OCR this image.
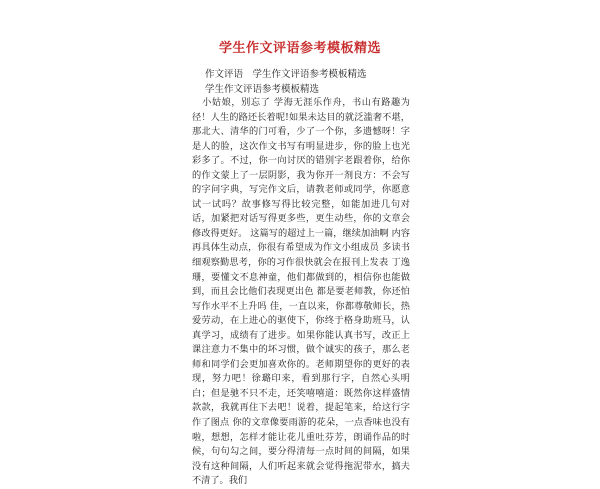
学生作文评语参考模板精选

作文评语　学生作文评语参考模板精选

学生作文评语参考模板精选

小姑娘，别忘了 学海无涯乐作舟，书山有路趣为径！人生的路还长着呢!如果未达目的就泛滥奢不堪，那北大、清华的门可看，少了一个你，多遗憾呀！字是人的脸，这次作文书写有明显进步，你的脸上也光彩多了。不过，你一向讨厌的错别字老跟着你，给你的作文蒙上了一层阴影，我为你开一剂良方：不会写的字问字典，写完作文后，请教老师或同学，你愿意试一试吗？故事修写得比较完整，如能加进几句对话，加紧把对话写得更多些，更生动些，你的文章会修改得更好。 这篇写的超过上一篇，继续加油啊 内容再具体生动点，你很有希望成为作文小组成员 多读书细观察勤思考，你的习作很快就会在报刊上发表 丁逸珊，要懂文不息神童，他们都做到的，相信你也能做到，而且会比他们表现更出色 都是要老师教，你还怕写作水平不上升吗 佳，一直以来，你都尊敬师长，热爱劳动，在上进心的驱使下，你终于格身助班马，认真学习，成绩有了进步。如果你能认真书写，改正上课注意力不集中的坏习惯，做个诚实的孩子，那么老师和同学们会更加喜欢你的。老师期望你的更好的表现，努力吧！徐璐印来，看到那行字，自然心头明白；但是驰不只不走，还笑嘻嘻道：既然你这样盛情款款，我就再住下去吧！说着，提起笔来，给这行字作了图点 你的文章像要雨游的花朵，一点香味也没有啦，想想，怎样才能让花儿重吐芬芳，朗诵作品的时候，句句勾之间，要分得清每一点时间的间隔，如果没有这种间隔，人们听起来就会觉得拖泥带水，搞夫不清了。我们
